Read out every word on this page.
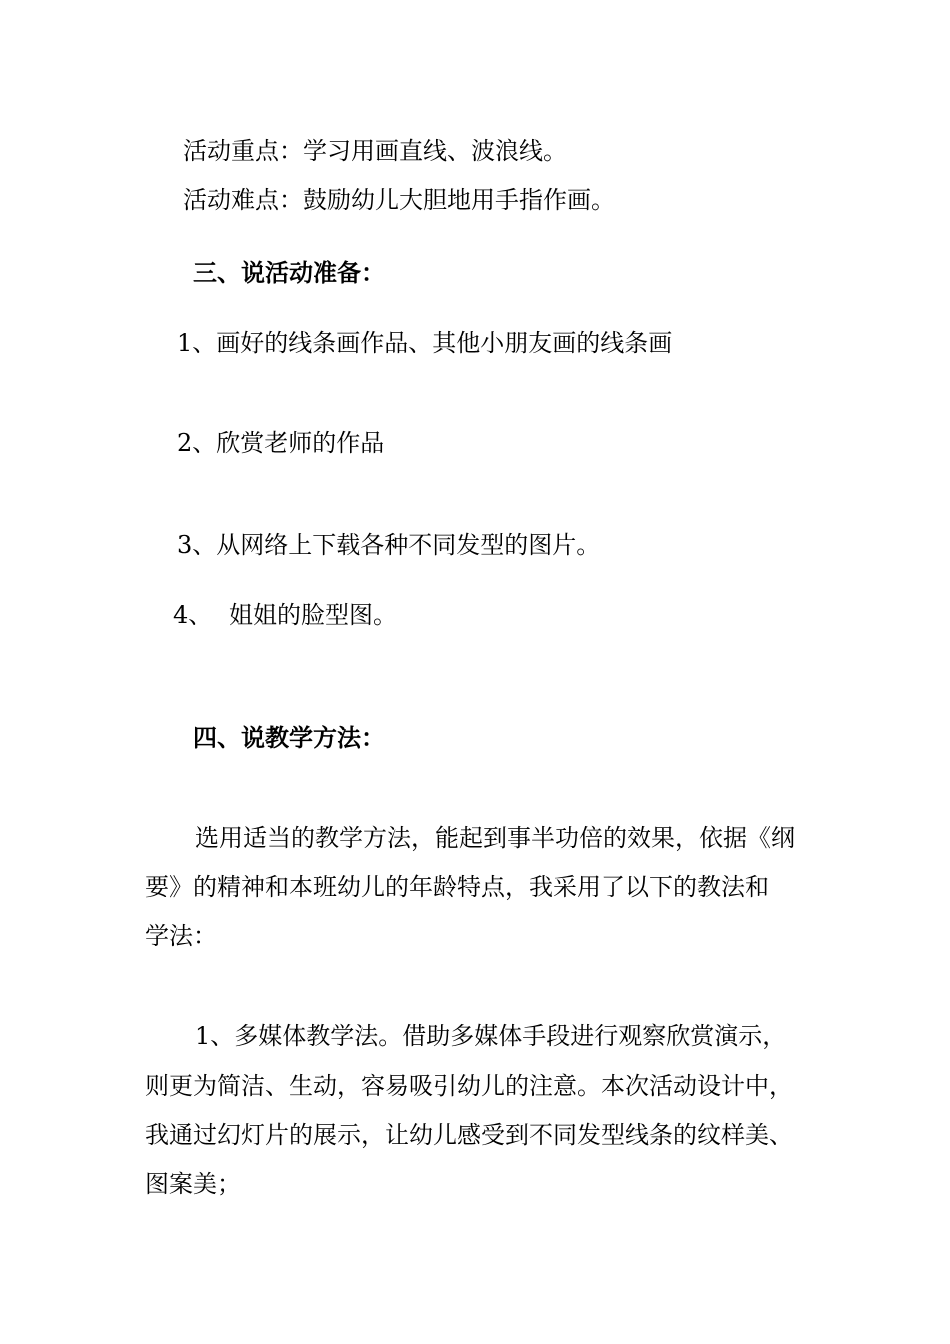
活动重点：学习用画直线、波浪线。
活动难点：鼓励幼儿大胆地用手指作画。
三、说活动准备：
1、画好的线条画作品、其他小朋友画的线条画
2、欣赏老师的作品
3、从网络上下载各种不同发型的图片。
4、 姐姐的脸型图。
四、说教学方法：
选用适当的教学方法，能起到事半功倍的效果，依据《纲
要》的精神和本班幼儿的年龄特点，我采用了以下的教法和
学法：
1、多媒体教学法。借助多媒体手段进行观察欣赏演示，
则更为简洁、生动，容易吸引幼儿的注意。本次活动设计中，
我通过幻灯片的展示，让幼儿感受到不同发型线条的纹样美、
图案美；
